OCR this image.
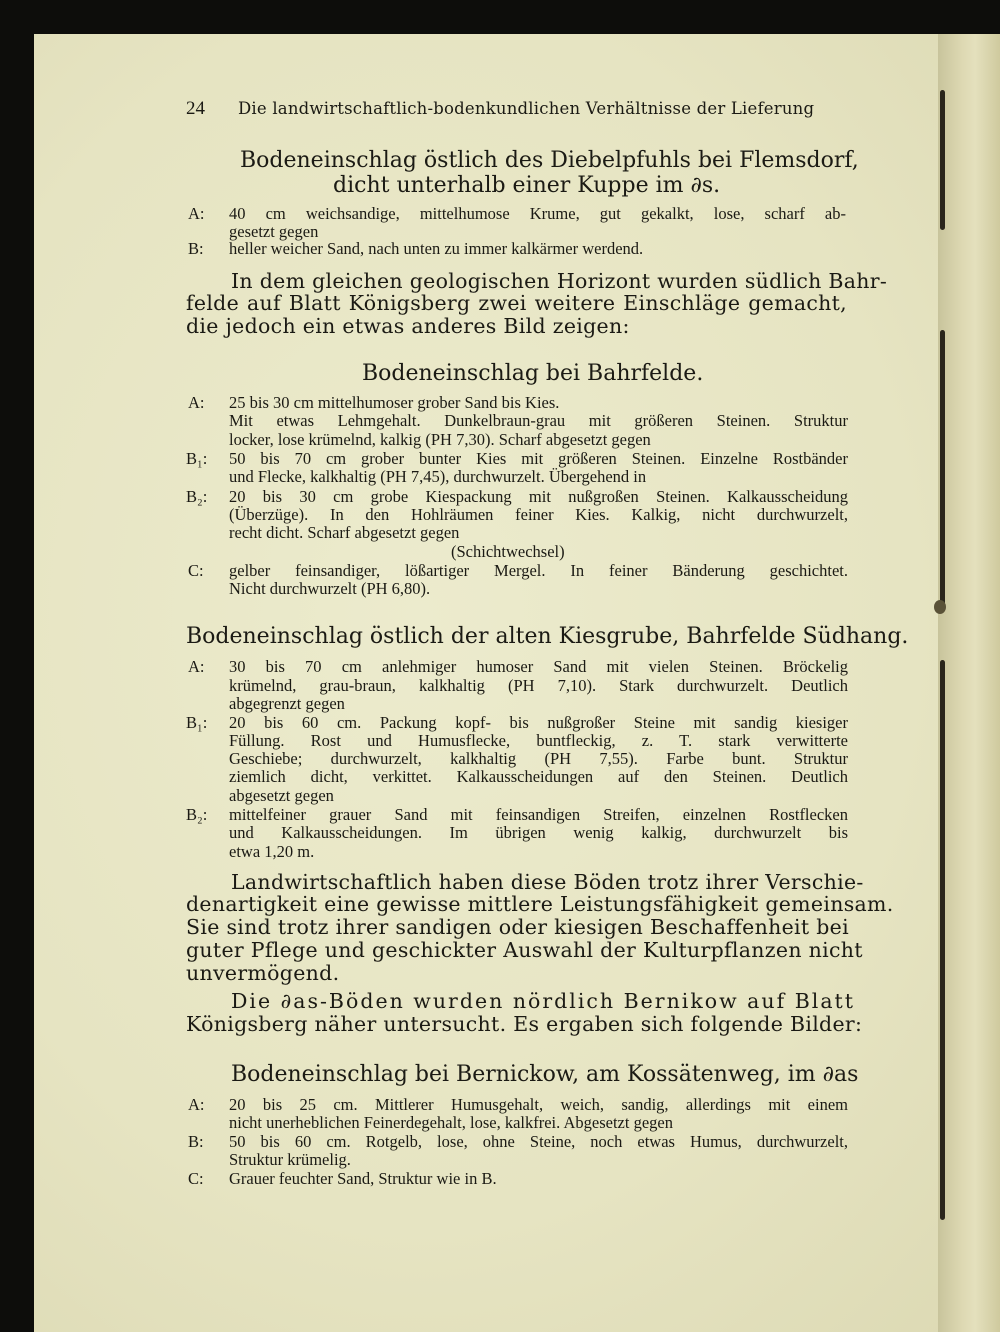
24 Die landwirtschaftlich-bodenkundlichen Verhältnisse der Lieferung
Bodeneinschlag östlich des Diebelpfuhls bei Flemsdorf,
dicht unterhalb einer Kuppe im ∂s.
A: 40 cm weichsandige, mittelhumose Krume, gut gekalkt, lose, scharf ab-
gesetzt gegen
B: heller weicher Sand, nach unten zu immer kalkärmer werdend.
In dem gleichen geologischen Horizont wurden südlich Bahr-
felde auf Blatt Königsberg zwei weitere Einschläge gemacht,
die jedoch ein etwas anderes Bild zeigen:
Bodeneinschlag bei Bahrfelde.
A: 25 bis 30 cm mittelhumoser grober Sand bis Kies.
Mit etwas Lehmgehalt. Dunkelbraun-grau mit größeren Steinen. Struktur
locker, lose krümelnd, kalkig (PH 7,30). Scharf abgesetzt gegen
B₁: 50 bis 70 cm grober bunter Kies mit größeren Steinen. Einzelne Rostbänder
und Flecke, kalkhaltig (PH 7,45), durchwurzelt. Übergehend in
B₂: 20 bis 30 cm grobe Kiespackung mit nußgroßen Steinen. Kalkausscheidung
(Überzüge). In den Hohlräumen feiner Kies. Kalkig, nicht durchwurzelt,
recht dicht. Scharf abgesetzt gegen
(Schichtwechsel)
C: gelber feinsandiger, lößartiger Mergel. In feiner Bänderung geschichtet.
Nicht durchwurzelt (PH 6,80).
Bodeneinschlag östlich der alten Kiesgrube, Bahrfelde Südhang.
A: 30 bis 70 cm anlehmiger humoser Sand mit vielen Steinen. Bröckelig
krümelnd, grau-braun, kalkhaltig (PH 7,10). Stark durchwurzelt. Deutlich
abgegrenzt gegen
B₁: 20 bis 60 cm. Packung kopf- bis nußgroßer Steine mit sandig kiesiger
Füllung. Rost und Humusflecke, buntfleckig, z. T. stark verwitterte
Geschiebe; durchwurzelt, kalkhaltig (PH 7,55). Farbe bunt. Struktur
ziemlich dicht, verkittet. Kalkausscheidungen auf den Steinen. Deutlich
abgesetzt gegen
B₂: mittelfeiner grauer Sand mit feinsandigen Streifen, einzelnen Rostflecken
und Kalkausscheidungen. Im übrigen wenig kalkig, durchwurzelt bis
etwa 1,20 m.
Landwirtschaftlich haben diese Böden trotz ihrer Verschie-
denartigkeit eine gewisse mittlere Leistungsfähigkeit gemeinsam.
Sie sind trotz ihrer sandigen oder kiesigen Beschaffenheit bei
guter Pflege und geschickter Auswahl der Kulturpflanzen nicht
unvermögend.
Die ∂as-Böden wurden nördlich Bernikow auf Blatt
Königsberg näher untersucht. Es ergaben sich folgende Bilder:
Bodeneinschlag bei Bernickow, am Kossätenweg, im ∂as
A: 20 bis 25 cm. Mittlerer Humusgehalt, weich, sandig, allerdings mit einem
nicht unerheblichen Feinerdegehalt, lose, kalkfrei. Abgesetzt gegen
B: 50 bis 60 cm. Rotgelb, lose, ohne Steine, noch etwas Humus, durchwurzelt,
Struktur krümelig.
C: Grauer feuchter Sand, Struktur wie in B.
